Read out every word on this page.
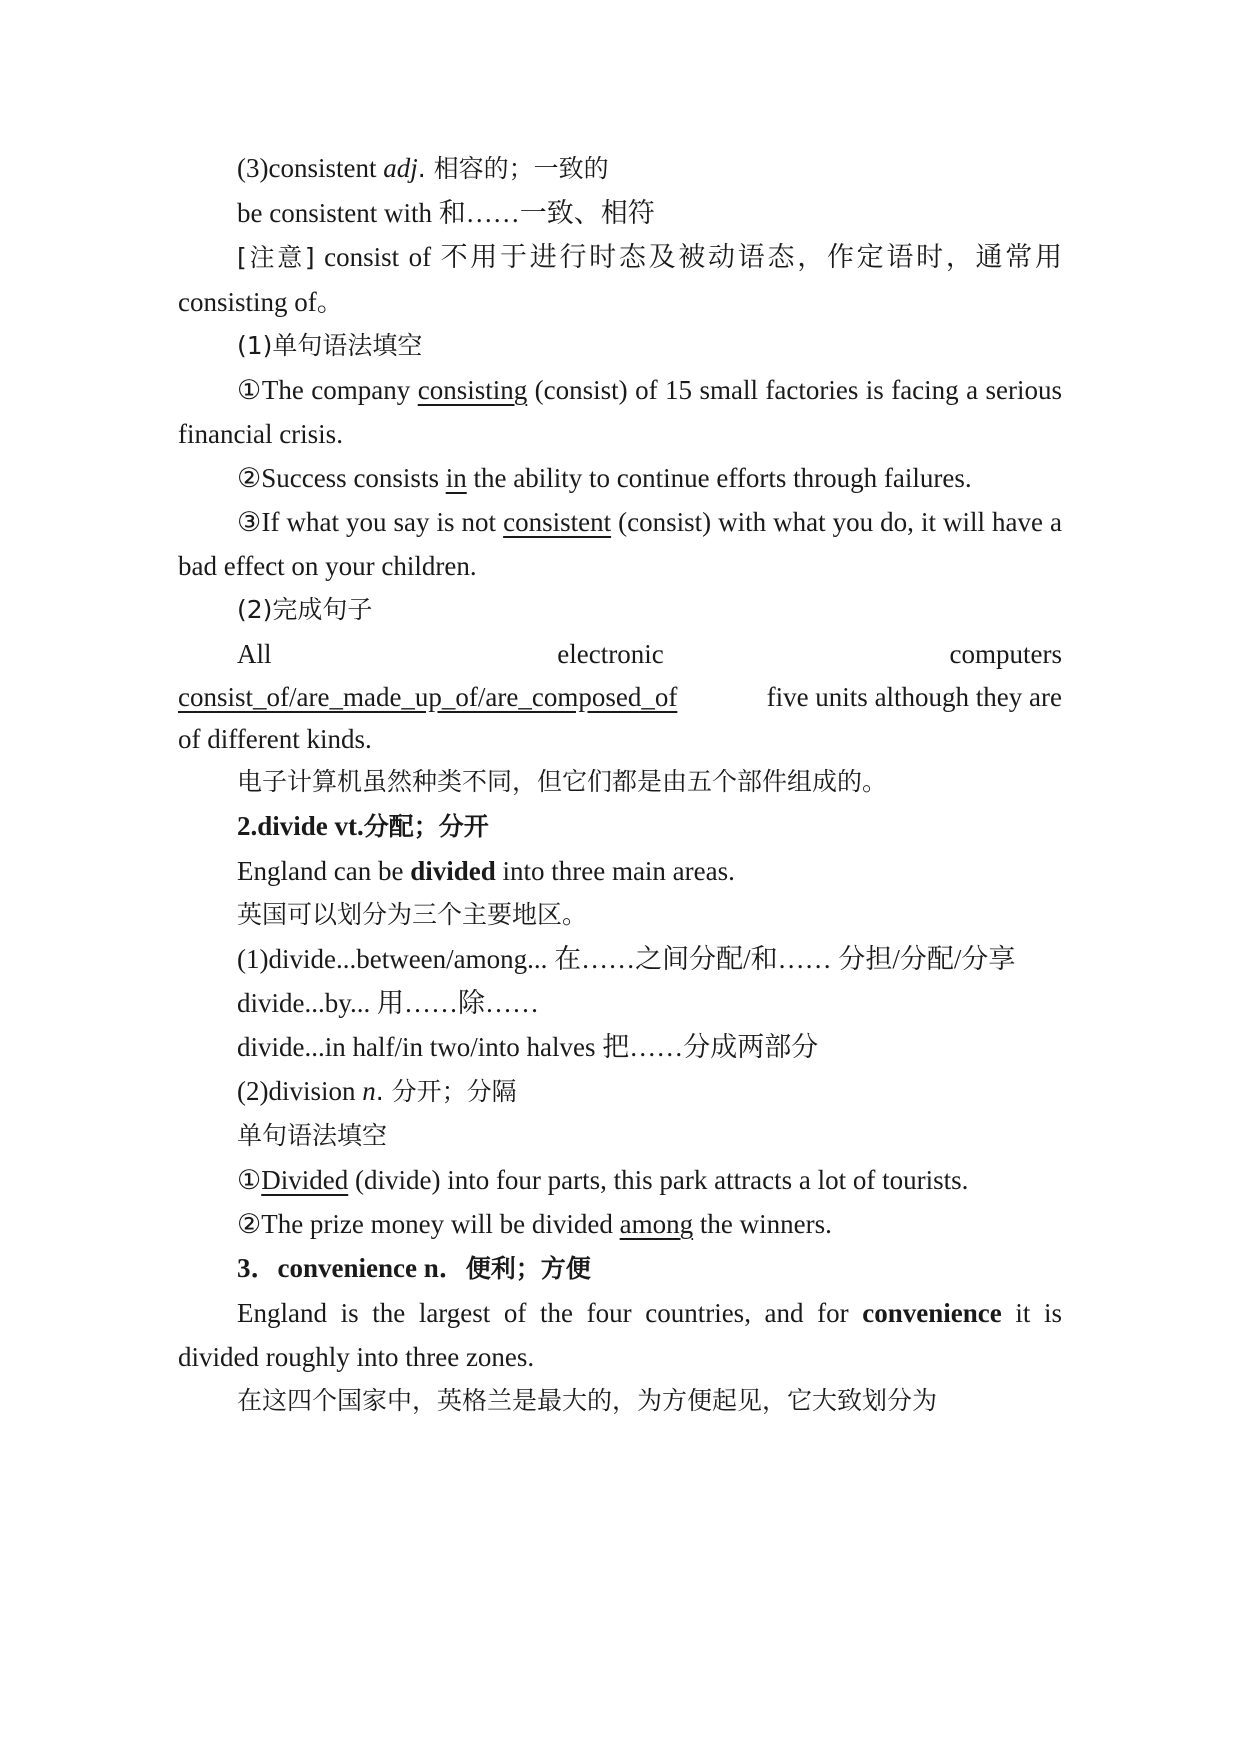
(3)consistent adj. 相容的；一致的

be consistent with 和……一致、相符

[注意] consist of 不用于进行时态及被动语态，作定语时，通常用consisting of。

(1)单句语法填空

①The company consisting (consist) of 15 small factories is facing a serious financial crisis.

②Success consists in the ability to continue efforts through failures.

③If what you say is not consistent (consist) with what you do, it will have a bad effect on your children.

(2)完成句子

All	electronic	computers

consist_of/are_made_up_of/are_composed_of	five units although they are

of different kinds.

电子计算机虽然种类不同，但它们都是由五个部件组成的。

2.divide vt.分配；分开

England can be divided into three main areas.

英国可以划分为三个主要地区。

(1)divide...between/among... 在……之间分配/和…… 分担/分配/分享

divide...by... 用……除……

divide...in half/in two/into halves 把……分成两部分

(2)division n. 分开；分隔

单句语法填空

①Divided (divide) into four parts, this park attracts a lot of tourists.

②The prize money will be divided among the winners.

3．convenience n．便利；方便

England is the largest of the four countries, and for convenience it is divided roughly into three zones.

在这四个国家中，英格兰是最大的，为方便起见，它大致划分为
